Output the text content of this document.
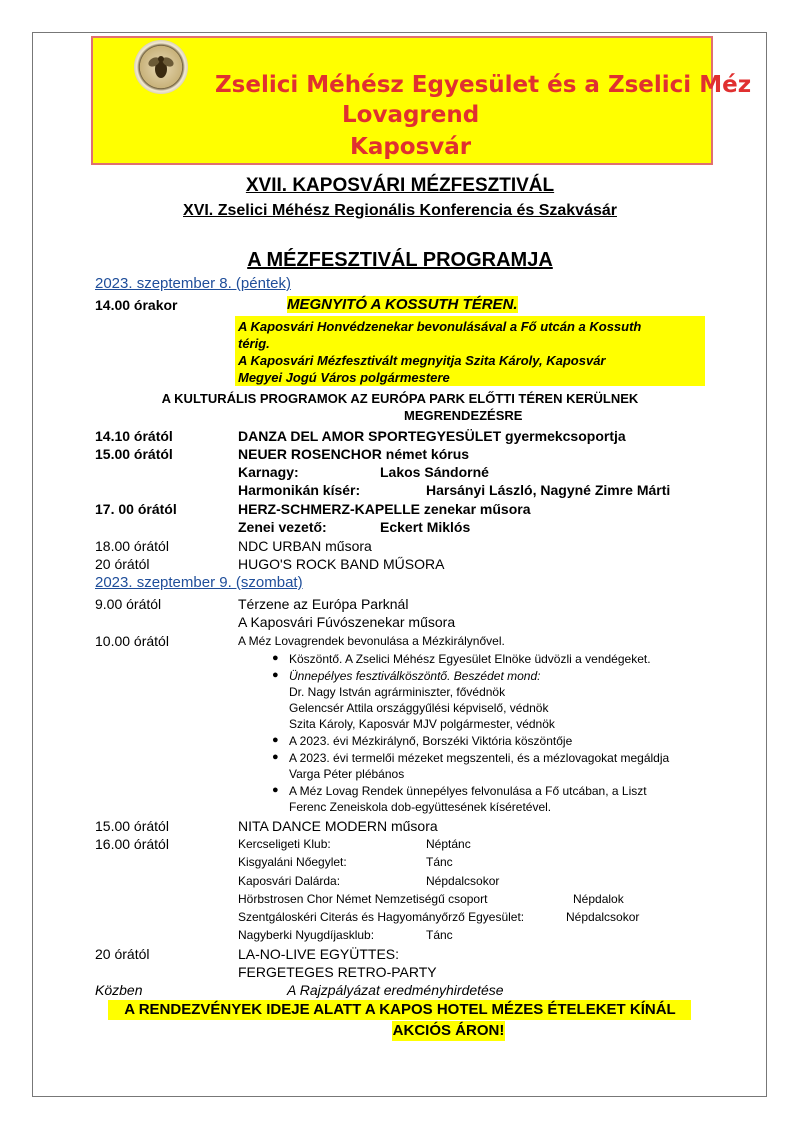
Zselici Méhész Egyesület és a Zselici Méz
Lovagrend
Kaposvár
XVII. KAPOSVÁRI MÉZFESZTIVÁL
XVI. Zselici Méhész Regionális Konferencia és Szakvásár
A MÉZFESZTIVÁL PROGRAMJA
2023. szeptember 8. (péntek)
14.00 órakor	MEGNYITÓ A KOSSUTH TÉREN.
A Kaposvári Honvédzenekar bevonulásával a Fő utcán a Kossuth
térig.
A Kaposvári Mézfesztivált megnyitja Szita Károly, Kaposvár
Megyei Jogú Város polgármestere
A KULTURÁLIS PROGRAMOK AZ EURÓPA PARK ELŐTTI TÉREN KERÜLNEK
MEGRENDEZÉSRE
14.10 órától	DANZA DEL AMOR SPORTEGYESÜLET gyermekcsoportja
15.00 órától	NEUER ROSENCHOR német kórus
Karnagy:	Lakos Sándorné
Harmonikán kísér:	Harsányi László, Nagyné Zimre Márti
17. 00 órától	HERZ-SCHMERZ-KAPELLE zenekar műsora
Zenei vezető:	Eckert Miklós
18.00 órától	NDC URBAN műsora
20 órától	HUGO'S ROCK BAND MŰSORA
2023. szeptember 9. (szombat)
9.00 órától	Térzene az Európa Parknál
A Kaposvári Fúvószenekar műsora
10.00 órától	A Méz Lovagrendek bevonulása a Mézkirálynővel.
● Köszöntő. A Zselici Méhész Egyesület Elnöke üdvözli a vendégeket.
● Ünnepélyes fesztiválköszöntő. Beszédet mond:
Dr. Nagy István agrárminiszter, fővédnök
Gelencsér Attila országgyűlési képviselő, védnök
Szita Károly, Kaposvár MJV polgármester, védnök
● A 2023. évi Mézkirálynő, Borszéki Viktória köszöntője
● A 2023. évi termelői mézeket megszenteli, és a mézlovagokat megáldja
Varga Péter plébános
● A Méz Lovag Rendek ünnepélyes felvonulása a Fő utcában, a Liszt
Ferenc Zeneiskola dob-együttesének kíséretével.
15.00 órától	NITA DANCE MODERN műsora
16.00 órától	Kercseligeti Klub:	Néptánc
Kisgyaláni Nőegylet:	Tánc
Kaposvári Dalárda:	Népdalcsokor
Hörbstrosen Chor Német Nemzetiségű csoport	Népdalok
Szentgáloskéri Citerás és Hagyományőrző Egyesület:	Népdalcsokor
Nagyberki Nyugdíjasklub:	Tánc
20 órától	LA-NO-LIVE EGYÜTTES:
FERGETEGES RETRO-PARTY
Közben	A Rajzpályázat eredményhirdetése
A RENDEZVÉNYEK IDEJE ALATT A KAPOS HOTEL MÉZES ÉTELEKET KÍNÁL
AKCIÓS ÁRON!
